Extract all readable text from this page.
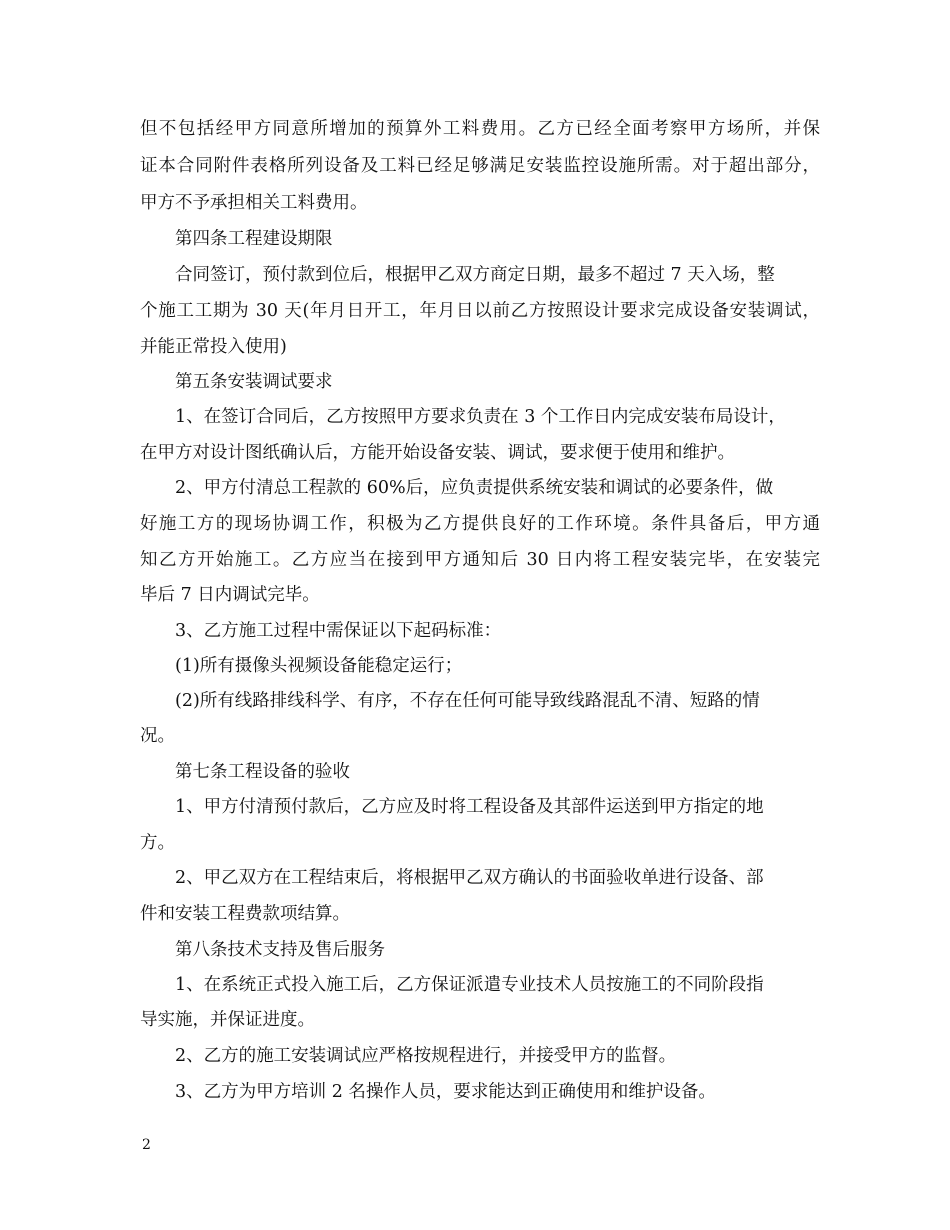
但不包括经甲方同意所增加的预算外工料费用。乙方已经全面考察甲方场所，并保
证本合同附件表格所列设备及工料已经足够满足安装监控设施所需。对于超出部分，
甲方不予承担相关工料费用。
第四条工程建设期限
合同签订，预付款到位后，根据甲乙双方商定日期，最多不超过 7 天入场，整
个施工工期为 30 天(年月日开工，年月日以前乙方按照设计要求完成设备安装调试，
并能正常投入使用)
第五条安装调试要求
1、在签订合同后，乙方按照甲方要求负责在 3 个工作日内完成安装布局设计，
在甲方对设计图纸确认后，方能开始设备安装、调试，要求便于使用和维护。
2、甲方付清总工程款的 60%后，应负责提供系统安装和调试的必要条件，做
好施工方的现场协调工作，积极为乙方提供良好的工作环境。条件具备后，甲方通
知乙方开始施工。乙方应当在接到甲方通知后 30 日内将工程安装完毕，在安装完
毕后 7 日内调试完毕。
3、乙方施工过程中需保证以下起码标准：
(1)所有摄像头视频设备能稳定运行；
(2)所有线路排线科学、有序，不存在任何可能导致线路混乱不清、短路的情
况。
第七条工程设备的验收
1、甲方付清预付款后，乙方应及时将工程设备及其部件运送到甲方指定的地
方。
2、甲乙双方在工程结束后，将根据甲乙双方确认的书面验收单进行设备、部
件和安装工程费款项结算。
第八条技术支持及售后服务
1、在系统正式投入施工后，乙方保证派遣专业技术人员按施工的不同阶段指
导实施，并保证进度。
2、乙方的施工安装调试应严格按规程进行，并接受甲方的监督。
3、乙方为甲方培训 2 名操作人员，要求能达到正确使用和维护设备。
2
